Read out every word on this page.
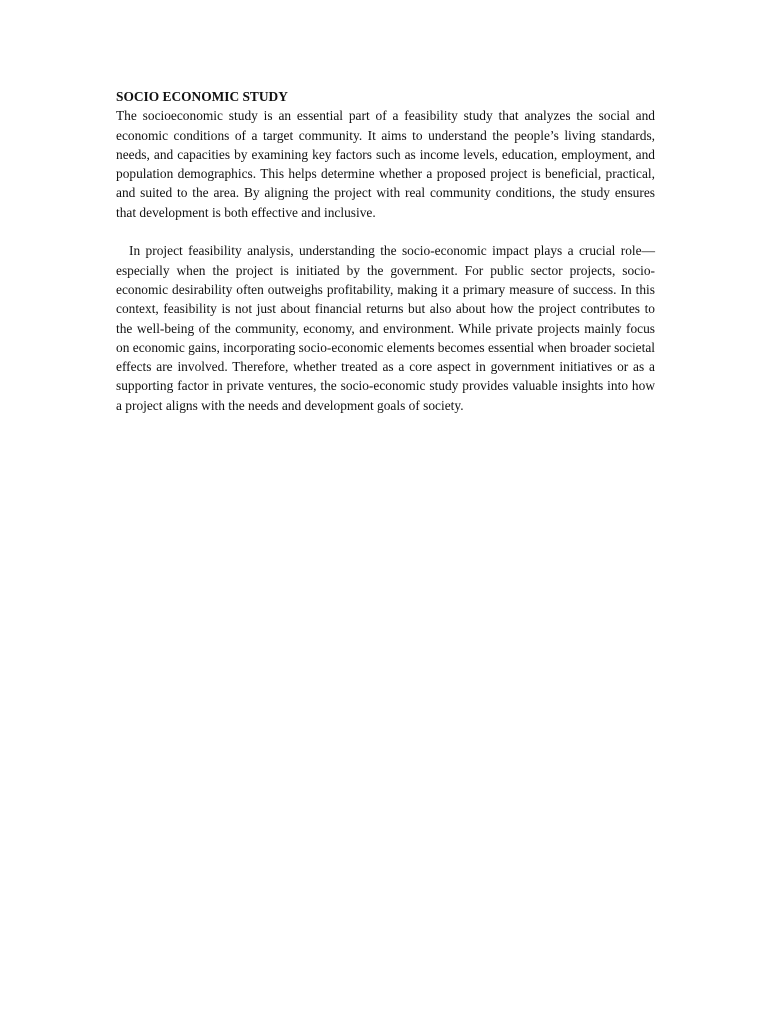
SOCIO ECONOMIC STUDY

The socioeconomic study is an essential part of a feasibility study that analyzes the social and economic conditions of a target community. It aims to understand the people’s living standards, needs, and capacities by examining key factors such as income levels, education, employment, and population demographics. This helps determine whether a proposed project is beneficial, practical, and suited to the area. By aligning the project with real community conditions, the study ensures that development is both effective and inclusive.

In project feasibility analysis, understanding the socio-economic impact plays a crucial role—especially when the project is initiated by the government. For public sector projects, socio-economic desirability often outweighs profitability, making it a primary measure of success. In this context, feasibility is not just about financial returns but also about how the project contributes to the well-being of the community, economy, and environment. While private projects mainly focus on economic gains, incorporating socio-economic elements becomes essential when broader societal effects are involved. Therefore, whether treated as a core aspect in government initiatives or as a supporting factor in private ventures, the socio-economic study provides valuable insights into how a project aligns with the needs and development goals of society.
